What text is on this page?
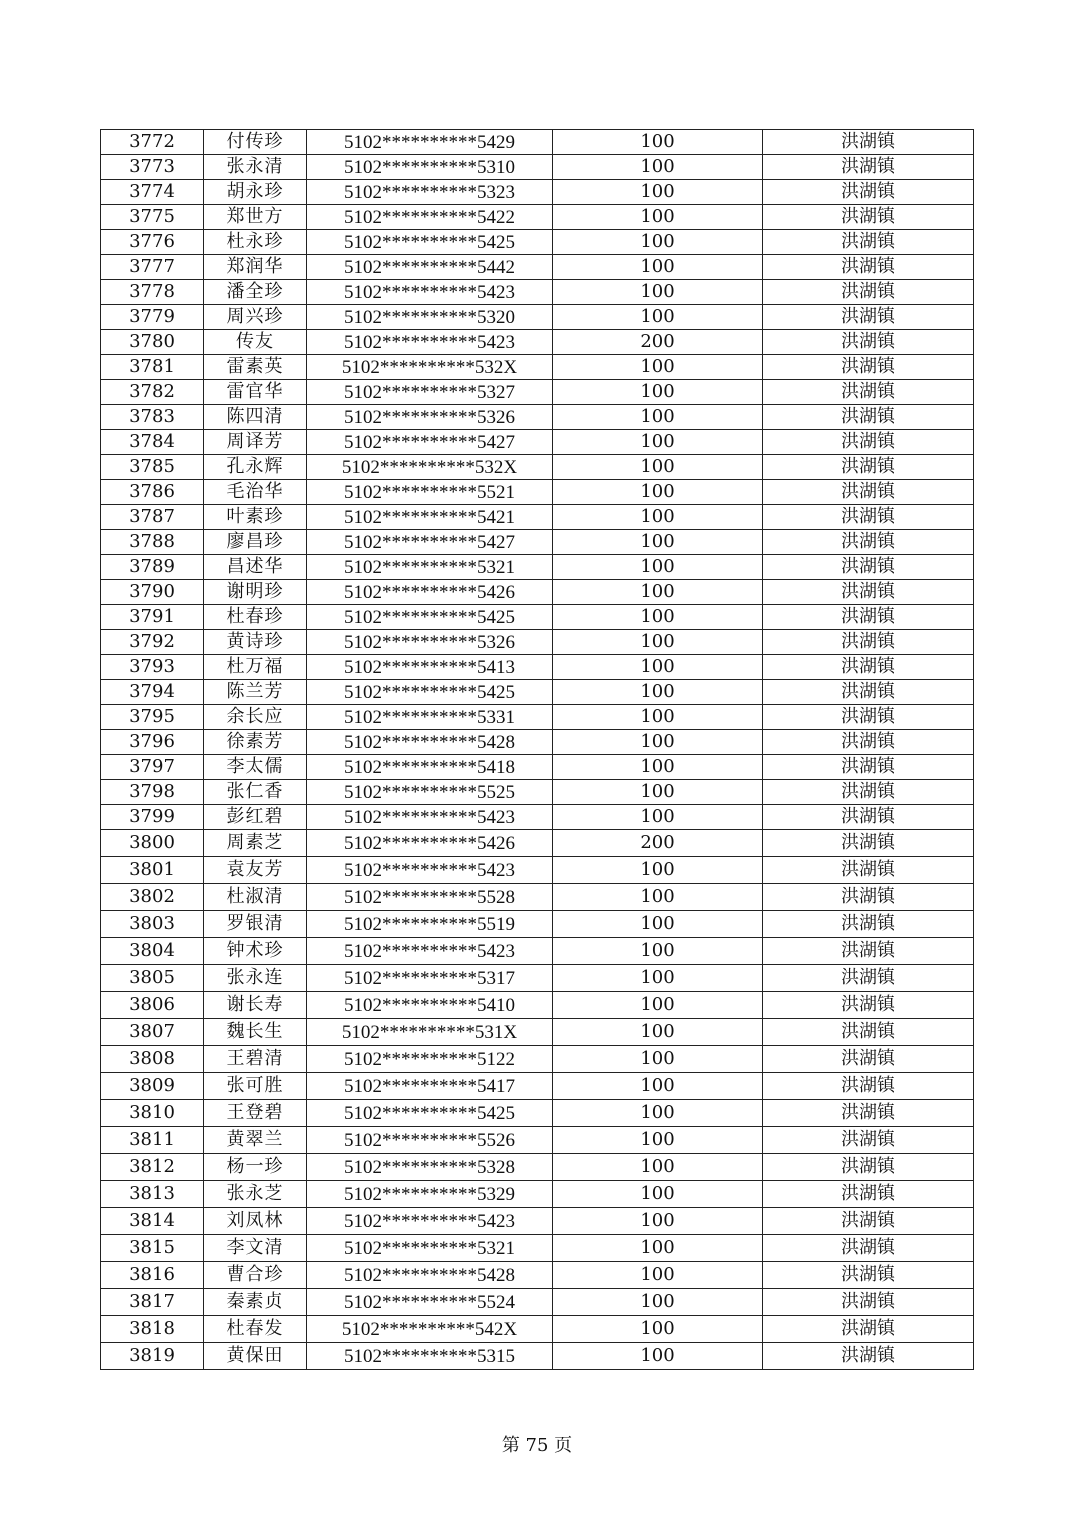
3772	付传珍	5102**********5429	100	洪湖镇
3773	张永清	5102**********5310	100	洪湖镇
3774	胡永珍	5102**********5323	100	洪湖镇
3775	郑世方	5102**********5422	100	洪湖镇
3776	杜永珍	5102**********5425	100	洪湖镇
3777	郑润华	5102**********5442	100	洪湖镇
3778	潘全珍	5102**********5423	100	洪湖镇
3779	周兴珍	5102**********5320	100	洪湖镇
3780	传友	5102**********5423	200	洪湖镇
3781	雷素英	5102**********532X	100	洪湖镇
3782	雷官华	5102**********5327	100	洪湖镇
3783	陈四清	5102**********5326	100	洪湖镇
3784	周译芳	5102**********5427	100	洪湖镇
3785	孔永辉	5102**********532X	100	洪湖镇
3786	毛治华	5102**********5521	100	洪湖镇
3787	叶素珍	5102**********5421	100	洪湖镇
3788	廖昌珍	5102**********5427	100	洪湖镇
3789	昌述华	5102**********5321	100	洪湖镇
3790	谢明珍	5102**********5426	100	洪湖镇
3791	杜春珍	5102**********5425	100	洪湖镇
3792	黄诗珍	5102**********5326	100	洪湖镇
3793	杜万福	5102**********5413	100	洪湖镇
3794	陈兰芳	5102**********5425	100	洪湖镇
3795	余长应	5102**********5331	100	洪湖镇
3796	徐素芳	5102**********5428	100	洪湖镇
3797	李太儒	5102**********5418	100	洪湖镇
3798	张仁香	5102**********5525	100	洪湖镇
3799	彭红碧	5102**********5423	100	洪湖镇
3800	周素芝	5102**********5426	200	洪湖镇
3801	袁友芳	5102**********5423	100	洪湖镇
3802	杜淑清	5102**********5528	100	洪湖镇
3803	罗银清	5102**********5519	100	洪湖镇
3804	钟术珍	5102**********5423	100	洪湖镇
3805	张永连	5102**********5317	100	洪湖镇
3806	谢长寿	5102**********5410	100	洪湖镇
3807	魏长生	5102**********531X	100	洪湖镇
3808	王碧清	5102**********5122	100	洪湖镇
3809	张可胜	5102**********5417	100	洪湖镇
3810	王登碧	5102**********5425	100	洪湖镇
3811	黄翠兰	5102**********5526	100	洪湖镇
3812	杨一珍	5102**********5328	100	洪湖镇
3813	张永芝	5102**********5329	100	洪湖镇
3814	刘凤林	5102**********5423	100	洪湖镇
3815	李文清	5102**********5321	100	洪湖镇
3816	曹合珍	5102**********5428	100	洪湖镇
3817	秦素贞	5102**********5524	100	洪湖镇
3818	杜春发	5102**********542X	100	洪湖镇
3819	黄保田	5102**********5315	100	洪湖镇
第 75 页
